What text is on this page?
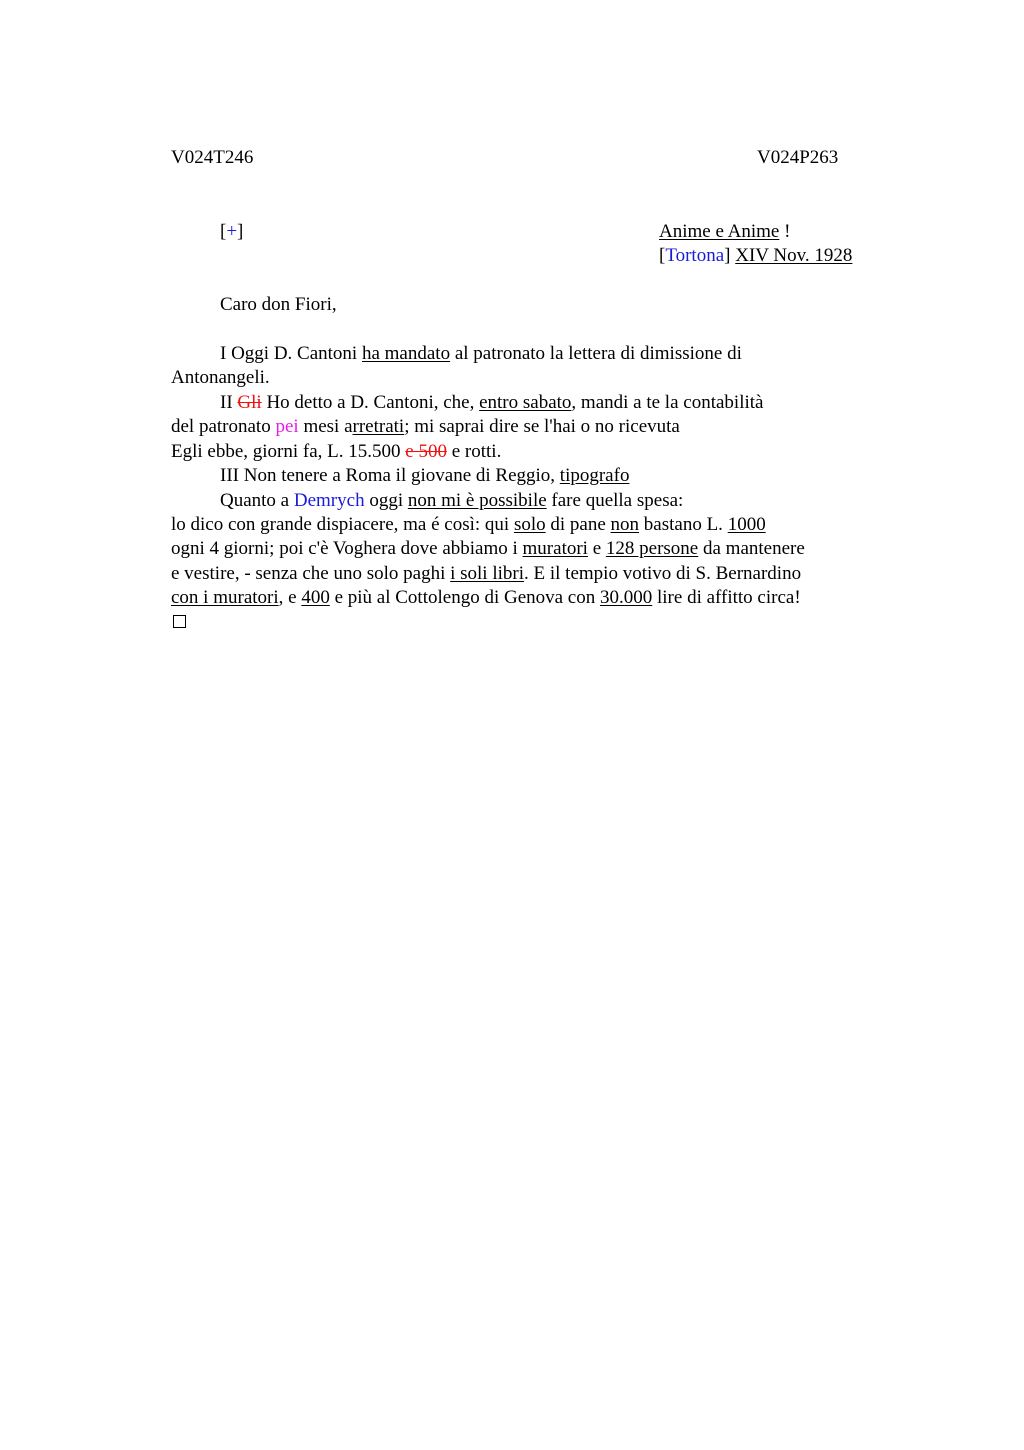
V024T246	V024P263
[+]	Anime e Anime !
[Tortona] XIV Nov. 1928
Caro don Fiori,
I Oggi D. Cantoni ha mandato al patronato la lettera di dimissione di
Antonangeli.
II Gli Ho detto a D. Cantoni, che, entro sabato, mandi a te la contabilità
del patronato pei mesi arretrati; mi saprai dire se l'hai o no ricevuta
Egli ebbe, giorni fa, L. 15.500 e 500 e rotti.
III Non tenere a Roma il giovane di Reggio, tipografo
Quanto a Demrych oggi non mi è possibile fare quella spesa:
lo dico con grande dispiacere, ma é così: qui solo di pane non bastano L. 1000
ogni 4 giorni; poi c'è Voghera dove abbiamo i muratori e 128 persone da mantenere
e vestire, - senza che uno solo paghi i soli libri. E il tempio votivo di S. Bernardino
con i muratori, e 400 e più al Cottolengo di Genova con 30.000 lire di affitto circa!
